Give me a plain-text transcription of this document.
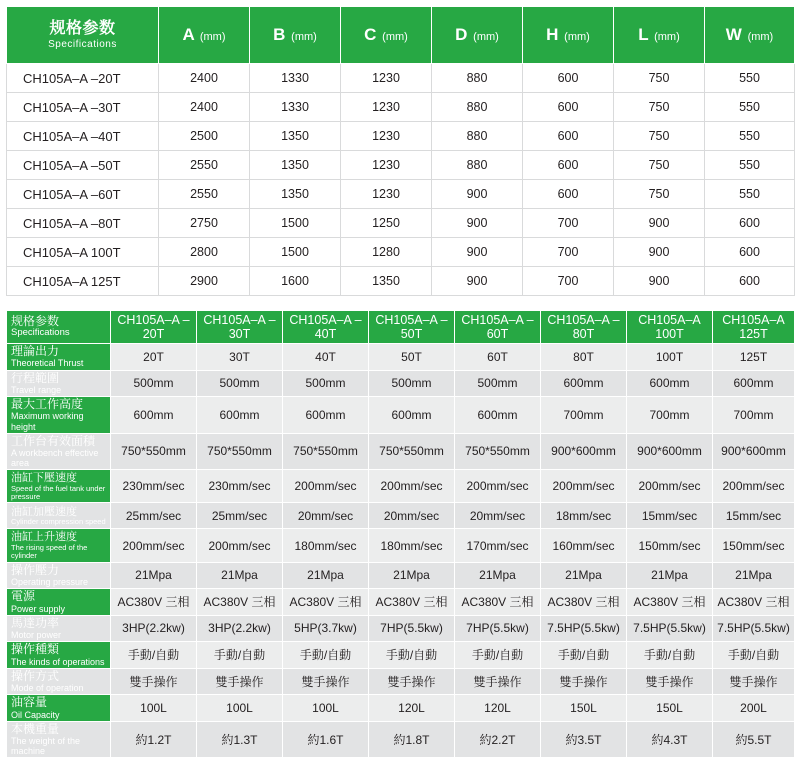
规格参数
Specifications	A (mm)	B (mm)	C (mm)	D (mm)	H (mm)	L (mm)	W (mm)
CH105A–A –20T	2400	1330	1230	880	600	750	550
CH105A–A –30T	2400	1330	1230	880	600	750	550
CH105A–A –40T	2500	1350	1230	880	600	750	550
CH105A–A –50T	2550	1350	1230	880	600	750	550
CH105A–A –60T	2550	1350	1230	900	600	750	550
CH105A–A –80T	2750	1500	1250	900	700	900	600
CH105A–A 100T	2800	1500	1280	900	700	900	600
CH105A–A 125T	2900	1600	1350	900	700	900	600
规格参数
Specifications	CH105A–A –20T	CH105A–A –30T	CH105A–A –40T	CH105A–A –50T	CH105A–A –60T	CH105A–A –80T	CH105A–A 100T	CH105A–A 125T
理論出力
Theoretical Thrust	20T	30T	40T	50T	60T	80T	100T	125T
行程範圍
Travel range	500mm	500mm	500mm	500mm	500mm	600mm	600mm	600mm
最大工作高度
Maximum working height	600mm	600mm	600mm	600mm	600mm	700mm	700mm	700mm
工作台有效面積
A workbench effective area	750*550mm	750*550mm	750*550mm	750*550mm	750*550mm	900*600mm	900*600mm	900*600mm
油缸下壓速度
Speed of the fuel tank under pressure	230mm/sec	230mm/sec	200mm/sec	200mm/sec	200mm/sec	200mm/sec	200mm/sec	200mm/sec
油缸加壓速度
Cylinder compression speed	25mm/sec	25mm/sec	20mm/sec	20mm/sec	20mm/sec	18mm/sec	15mm/sec	15mm/sec
油缸上升速度
The rising speed of the cylinder	200mm/sec	200mm/sec	180mm/sec	180mm/sec	170mm/sec	160mm/sec	150mm/sec	150mm/sec
操作壓力
Operating pressure	21Mpa	21Mpa	21Mpa	21Mpa	21Mpa	21Mpa	21Mpa	21Mpa
電源
Power supply	AC380V 三相	AC380V 三相	AC380V 三相	AC380V 三相	AC380V 三相	AC380V 三相	AC380V 三相	AC380V 三相
馬達功率
Motor power	3HP(2.2kw)	3HP(2.2kw)	5HP(3.7kw)	7HP(5.5kw)	7HP(5.5kw)	7.5HP(5.5kw)	7.5HP(5.5kw)	7.5HP(5.5kw)
操作種類
The kinds of operations	手動/自動	手動/自動	手動/自動	手動/自動	手動/自動	手動/自動	手動/自動	手動/自動
操作方式
Mode of operation	雙手操作	雙手操作	雙手操作	雙手操作	雙手操作	雙手操作	雙手操作	雙手操作
油容量
Oil Capacity	100L	100L	100L	120L	120L	150L	150L	200L
本機重量
The weight of the machine	約1.2T	約1.3T	約1.6T	約1.8T	約2.2T	約3.5T	約4.3T	約5.5T
